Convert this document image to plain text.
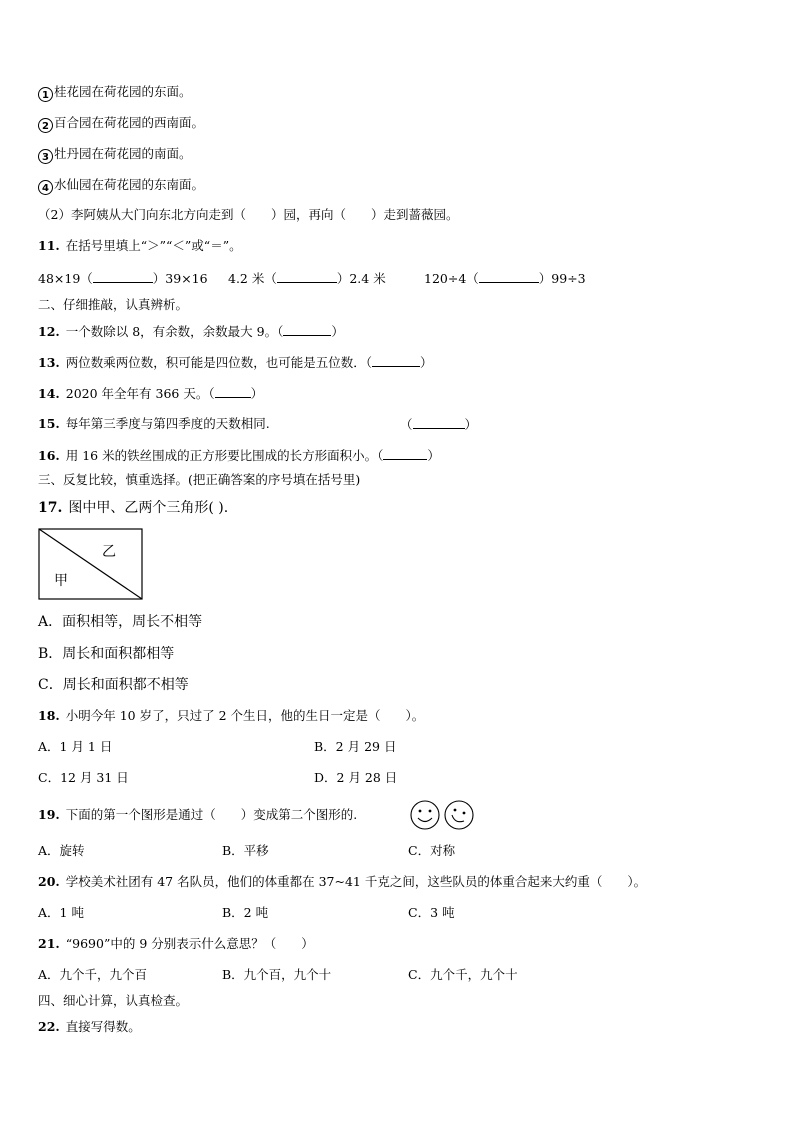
1 桂花园在荷花园的东面。
2 百合园在荷花园的西南面。
3 牡丹园在荷花园的南面。
4 水仙园在荷花园的东南面。
（2）李阿姨从大门向东北方向走到（　　）园，再向（　　）走到蔷薇园。
11. 在括号里填上“＞”“＜”或“＝”。
48×19（	）39×16 4.2 米（	）2.4 米	120÷4（	）99÷3
二、仔细推敲，认真辨析。
12. 一个数除以 8，有余数，余数最大 9。（	）
13. 两位数乘两位数，积可能是四位数，也可能是五位数．（	）
14. 2020 年全年有 366 天。（	）
15. 每年第三季度与第四季度的天数相同.	（	）
16. 用 16 米的铁丝围成的正方形要比围成的长方形面积小。（	）
三、反复比较，慎重选择。(把正确答案的序号填在括号里)
17. 图中甲、乙两个三角形( ).
甲
乙
A．面积相等，周长不相等
B．周长和面积都相等
C．周长和面积都不相等
18. 小明今年 10 岁了，只过了 2 个生日，他的生日一定是（　　）。
A．1 月 1 日	B．2 月 29 日
C．12 月 31 日	D．2 月 28 日
19. 下面的第一个图形是通过（　　）变成第二个图形的.
A．旋转	B．平移	C．对称
20. 学校美术社团有 47 名队员，他们的体重都在 37~41 千克之间，这些队员的体重合起来大约重（　　）。
A．1 吨	B．2 吨	C．3 吨
21. “9690”中的 9 分别表示什么意思？（　　）
A．九个千，九个百	B．九个百，九个十	C．九个千，九个十
四、细心计算，认真检查。
22. 直接写得数。
